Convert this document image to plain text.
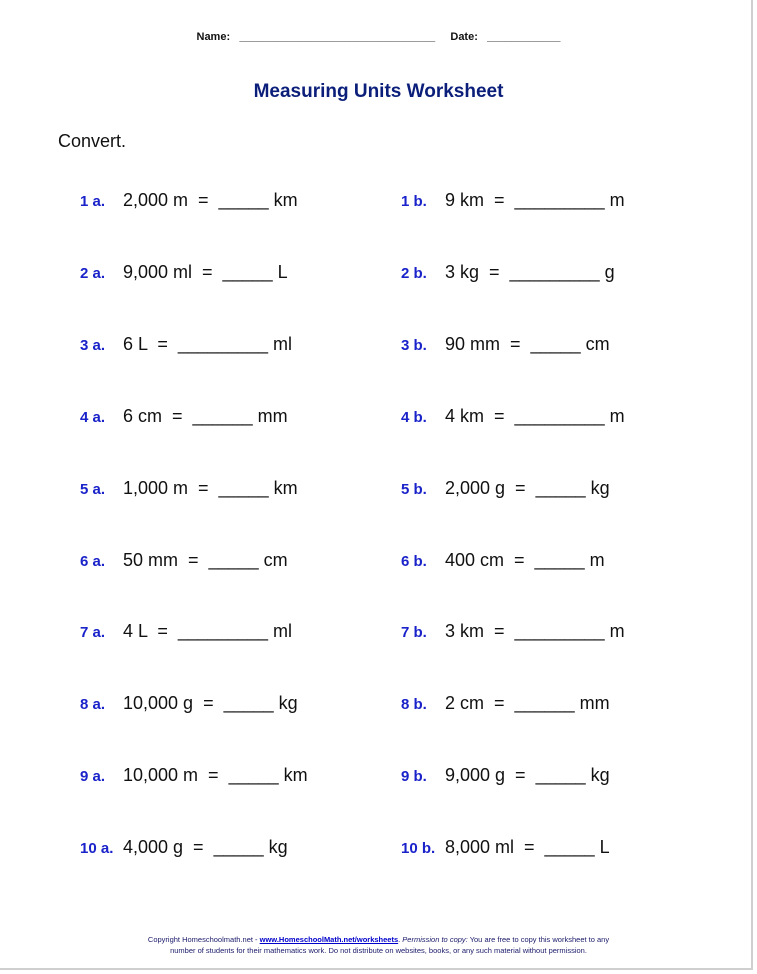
Name: ________________________________ Date: ____________
Measuring Units Worksheet
Convert.
1 a. 2,000 m  =  _____ km
2 a. 9,000 ml  =  _____ L
3 a. 6 L  =  _________ ml
4 a. 6 cm  =  ______ mm
5 a. 1,000 m  =  _____ km
6 a. 50 mm  =  _____ cm
7 a. 4 L  =  _________ ml
8 a. 10,000 g  =  _____ kg
9 a. 10,000 m  =  _____ km
10 a. 4,000 g  =  _____ kg
1 b.	9 km  =  _________ m
2 b.	3 kg  =  _________ g
3 b.	90 mm  =  _____ cm
4 b.	4 km  =  _________ m
5 b.	2,000 g  =  _____ kg
6 b.	400 cm  =  _____ m
7 b.	3 km  =  _________ m
8 b.	2 cm  =  ______ mm
9 b.	9,000 g  =  _____ kg
10 b. 8,000 ml  =  _____ L
Copyright Homeschoolmath.net - www.HomeschoolMath.net/worksheets. Permission to copy: You are free to copy this worksheet to any
number of students for their mathematics work. Do not distribute on websites, books, or any such material without permission.
